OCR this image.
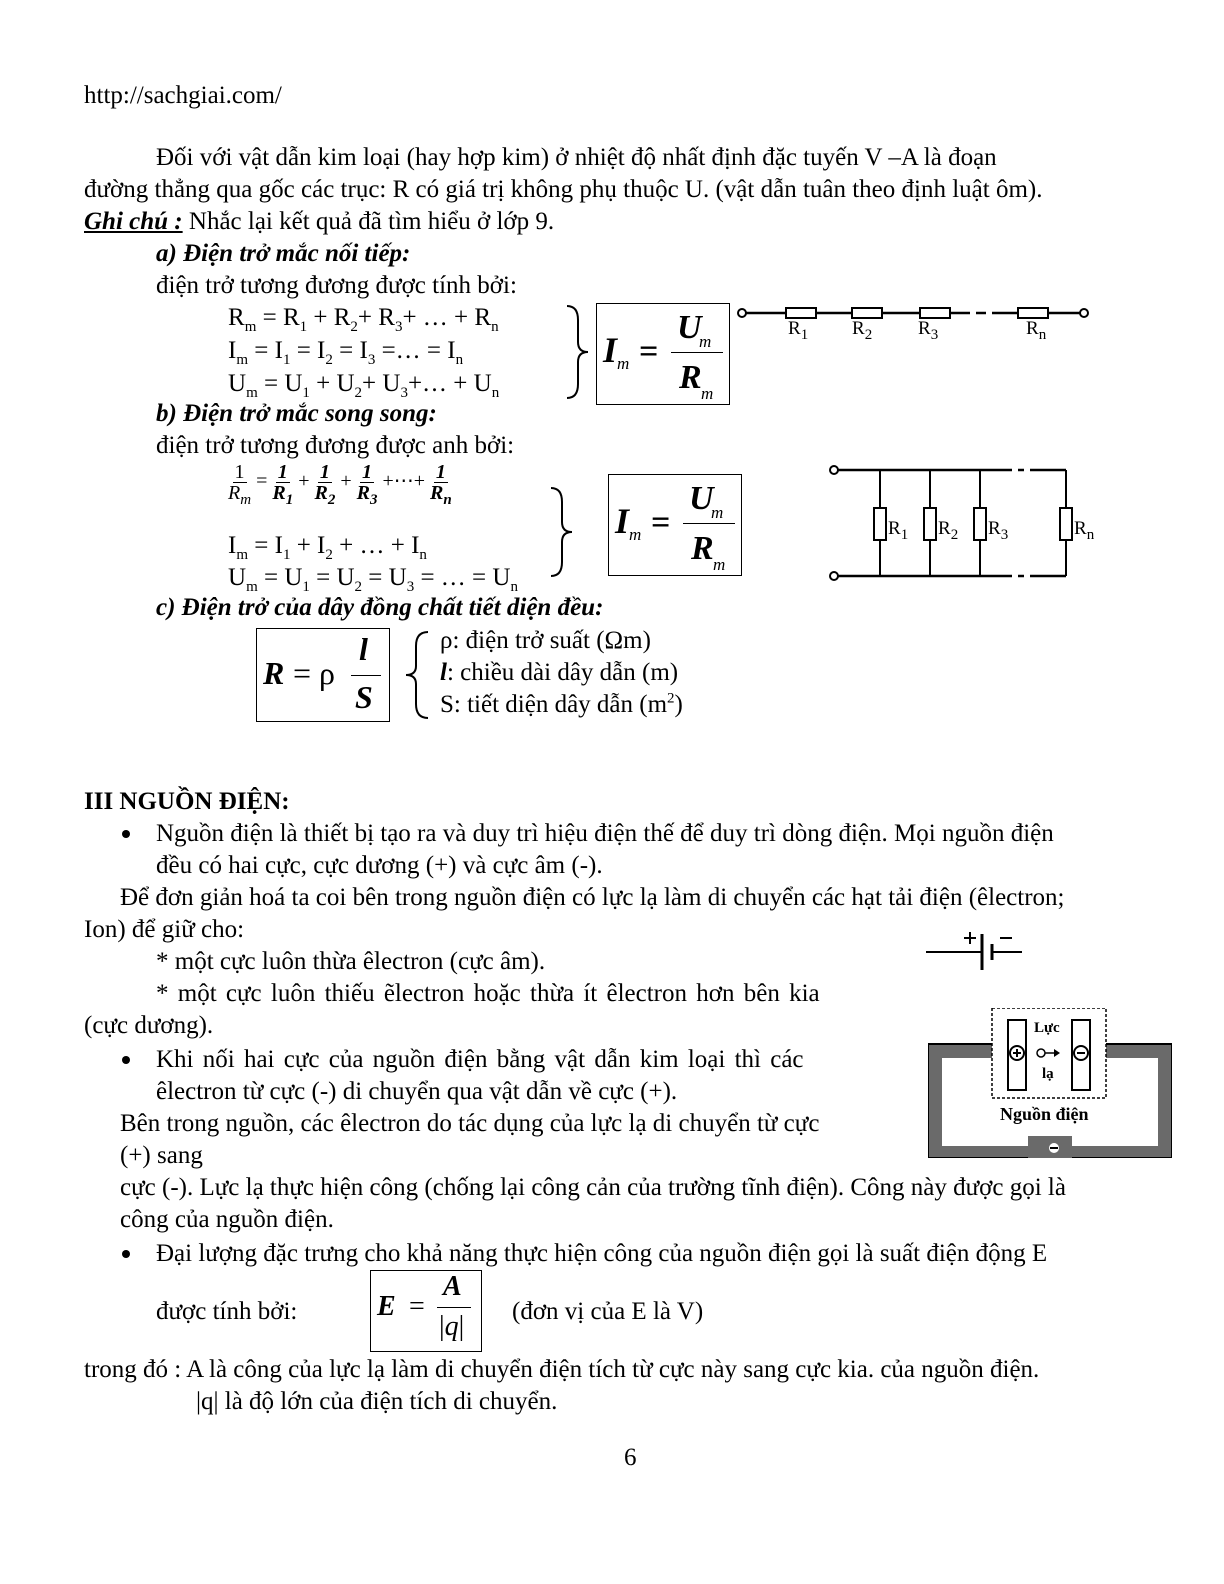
http://sachgiai.com/
Đối với vật dẫn kim loại (hay hợp kim) ở nhiệt độ nhất định đặc tuyến V –A là đoạn
đường thẳng qua gốc các trục: R có giá trị không phụ thuộc U. (vật dẫn tuân theo định luật ôm).
Ghi chú : Nhắc lại kết quả đã tìm hiểu ở lớp 9.
a) Điện trở mắc nối tiếp:
điện trở tương đương được tính bởi:
$R_m = R_1 + R_2+ R_3+$ … + $R_n$
$I_m = I_1 = I_2 = I_3$ =… = $I_n$
$U_m = U_1 + U_2+$ $U_3+\dots + U_n$
I m =
U
m
R m
$R_1$ $R_2$ $R_3$	$R_n$
b) Điện trở mắc song song:
điện trở tương đương được anh bởi:
$\frac{1}{R_m} = \frac{1}{R_1} + \frac{1}{R_2} + \frac{1}{R_3}$ +⋯+ $\frac{1}{R_n}$
$I_m = I_1 + I_2$ + … + $I_n$
$U_m = U_1 = U_2 = U_3$ = … = $U_n$
I m =
U
m
R m
$R_1$ $R_2$ $R_3$	$R_n$
c) Điện trở của dây đồng chất tiết diện đều:
R = ρ
l
S
ρ: điện trở suất (Ωm)
l: chiều dài dây dẫn (m)
S: tiết diện dây dẫn $(m^2)$
III NGUỒN ĐIỆN:
Nguồn điện là thiết bị tạo ra và duy trì hiệu điện thế để duy trì dòng điện. Mọi nguồn điện
đều có hai cực, cực dương (+) và cực âm (-).
Để đơn giản hoá ta coi bên trong nguồn điện có lực lạ làm di chuyển các hạt tải điện (êlectron;
Ion) để giữ cho:
* một cực luôn thừa êlectron (cực âm).
* một cực luôn thiếu ẽlectron hoặc thừa ít êlectron hơn bên kia
(cực dương).
Khi nối hai cực của nguồn điện bằng vật dẫn kim loại thì các
êlectron từ cực (-) di chuyển qua vật dẫn về cực (+).
Bên trong nguồn, các êlectron do tác dụng của lực lạ di chuyển từ cực
(+) sang
cực (-). Lực lạ thực hiện công (chống lại công cản của trường tĩnh điện). Công này được gọi là
công của nguồn điện.
Đại lượng đặc trưng cho khả năng thực hiện công của nguồn điện gọi là suất điện động E
được tính bởi:	E =
A
|q| (đơn vị của E là V)
trong đó : A là công của lực lạ làm di chuyển điện tích từ cực này sang cực kia. của nguồn điện.
|q| là độ lớn của điện tích di chuyển.
Lực
lạ
Nguồn điện
6
